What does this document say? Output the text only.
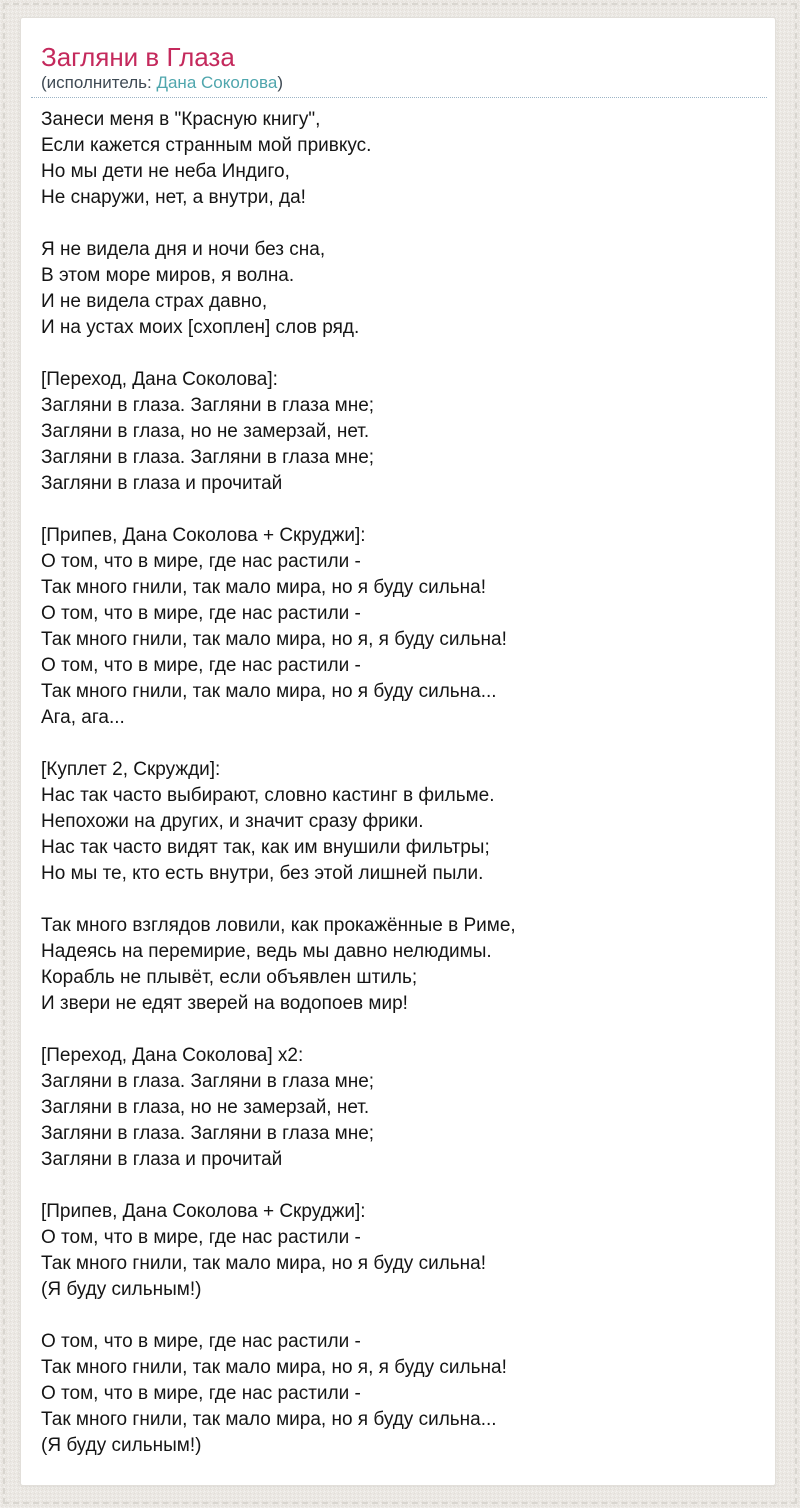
Загляни в Глаза

(исполнитель: Дана Соколова)

Занеси меня в "Красную книгу",
Если кажется странным мой привкус.
Но мы дети не неба Индиго,
Не снаружи, нет, а внутри, да!
Я не видела дня и ночи без сна,
В этом море миров, я волна.
И не видела страх давно,
И на устах моих [схоплен] слов ряд.
[Переход, Дана Соколова]:
Загляни в глаза. Загляни в глаза мне;
Загляни в глаза, но не замерзай, нет.
Загляни в глаза. Загляни в глаза мне;
Загляни в глаза и прочитай
[Припев, Дана Соколова + Скруджи]:
О том, что в мире, где нас растили -
Так много гнили, так мало мира, но я буду сильна!
О том, что в мире, где нас растили -
Так много гнили, так мало мира, но я, я буду сильна!
О том, что в мире, где нас растили -
Так много гнили, так мало мира, но я буду сильна...
Ага, ага...
[Куплет 2, Скружди]:
Нас так часто выбирают, словно кастинг в фильме.
Непохожи на других, и значит сразу фрики.
Нас так часто видят так, как им внушили фильтры;
Но мы те, кто есть внутри, без этой лишней пыли.
Так много взглядов ловили, как прокажённые в Риме,
Надеясь на перемирие, ведь мы давно нелюдимы.
Корабль не плывёт, если объявлен штиль;
И звери не едят зверей на водопоев мир!
[Переход, Дана Соколова] x2:
Загляни в глаза. Загляни в глаза мне;
Загляни в глаза, но не замерзай, нет.
Загляни в глаза. Загляни в глаза мне;
Загляни в глаза и прочитай
[Припев, Дана Соколова + Скруджи]:
О том, что в мире, где нас растили -
Так много гнили, так мало мира, но я буду сильна!
(Я буду сильным!)
О том, что в мире, где нас растили -
Так много гнили, так мало мира, но я, я буду сильна!
О том, что в мире, где нас растили -
Так много гнили, так мало мира, но я буду сильна...
(Я буду сильным!)
